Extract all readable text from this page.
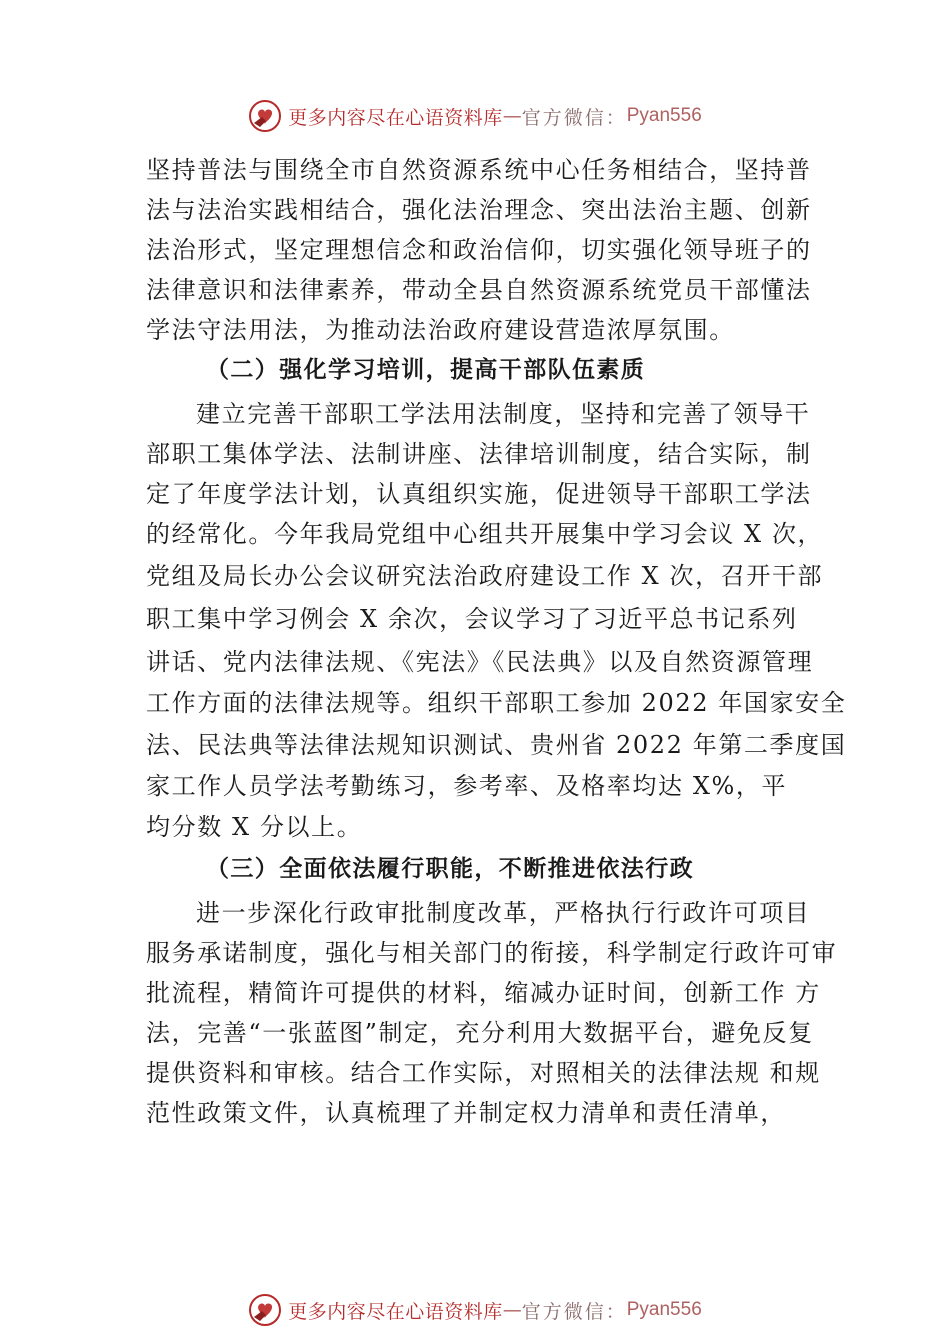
更多内容尽在心语资料库 — 官方微信： Pyan556
坚持普法与围绕全市自然资源系统中心任务相结合，坚持普
法与法治实践相结合，强化法治理念、突出法治主题、创新
法治形式，坚定理想信念和政治信仰，切实强化领导班子的
法律意识和法律素养，带动全县自然资源系统党员干部懂法
学法守法用法，为推动法治政府建设营造浓厚氛围。
（二）强化学习培训，提高干部队伍素质
建立完善干部职工学法用法制度，坚持和完善了领导干
部职工集体学法、法制讲座、法律培训制度，结合实际，制
定了年度学法计划，认真组织实施，促进领导干部职工学法
的经常化。今年我局党组中心组共开展集中学习会议 X 次，
党组及局长办公会议研究法治政府建设工作 X 次，召开干部
职工集中学习例会 X 余次，会议学习了习近平总书记系列
讲话、党内法律法规、《宪法》《民法典》以及自然资源管理
工作方面的法律法规等。组织干部职工参加 2022 年国家安全
法、民法典等法律法规知识测试、贵州省 2022 年第二季度国
家工作人员学法考勤练习，参考率、及格率均达 X%，平
均分数 X 分以上。
（三）全面依法履行职能，不断推进依法行政
进一步深化行政审批制度改革，严格执行行政许可项目
服务承诺制度，强化与相关部门的衔接，科学制定行政许可审
批流程，精简许可提供的材料，缩减办证时间，创新工作 方
法，完善“一张蓝图”制定，充分利用大数据平台，避免反复
提供资料和审核。结合工作实际，对照相关的法律法规 和规
范性政策文件，认真梳理了并制定权力清单和责任清单，
更多内容尽在心语资料库 — 官方微信： Pyan556
